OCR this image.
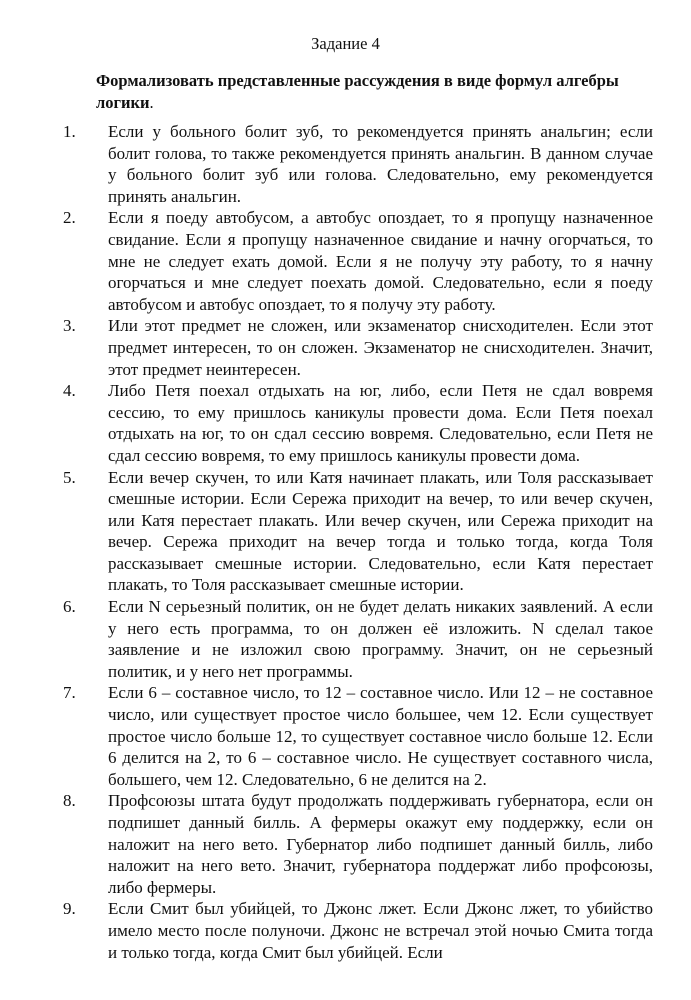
Задание 4
Формализовать представленные рассуждения в виде формул алгебры логики.
1. Если у больного болит зуб, то рекомендуется принять анальгин; если болит голова, то также рекомендуется принять анальгин. В данном случае у больного болит зуб или голова. Следовательно, ему рекомендуется принять анальгин.
2. Если я поеду автобусом, а автобус опоздает, то я пропущу назначенное свидание. Если я пропущу назначенное свидание и начну огорчаться, то мне не следует ехать домой. Если я не получу эту работу, то я начну огорчаться и мне следует поехать домой. Следовательно, если я поеду автобусом и автобус опоздает, то я получу эту работу.
3. Или этот предмет не сложен, или экзаменатор снисходителен. Если этот предмет интересен, то он сложен. Экзаменатор не снисходителен. Значит, этот предмет неинтересен.
4. Либо Петя поехал отдыхать на юг, либо, если Петя не сдал вовремя сессию, то ему пришлось каникулы провести дома. Если Петя поехал отдыхать на юг, то он сдал сессию вовремя. Следовательно, если Петя не сдал сессию вовремя, то ему пришлось каникулы провести дома.
5. Если вечер скучен, то или Катя начинает плакать, или Толя рассказывает смешные истории. Если Сережа приходит на вечер, то или вечер скучен, или Катя перестает плакать. Или вечер скучен, или Сережа приходит на вечер. Сережа приходит на вечер тогда и только тогда, когда Толя рассказывает смешные истории. Следовательно, если Катя перестает плакать, то Толя рассказывает смешные истории.
6. Если N серьезный политик, он не будет делать никаких заявлений. А если у него есть программа, то он должен её изложить. N сделал такое заявление и не изложил свою программу. Значит, он не серьезный политик, и у него нет программы.
7. Если 6 – составное число, то 12 – составное число. Или 12 – не составное число, или существует простое число большее, чем 12. Если существует простое число больше 12, то существует составное число больше 12. Если 6 делится на 2, то 6 – составное число. Не существует составного числа, большего, чем 12. Следовательно, 6 не делится на 2.
8. Профсоюзы штата будут продолжать поддерживать губернатора, если он подпишет данный билль. А фермеры окажут ему поддержку, если он наложит на него вето. Губернатор либо подпишет данный билль, либо наложит на него вето. Значит, губернатора поддержат либо профсоюзы, либо фермеры.
9. Если Смит был убийцей, то Джонс лжет. Если Джонс лжет, то убийство имело место после полуночи. Джонс не встречал этой ночью Смита тогда и только тогда, когда Смит был убийцей. Если
